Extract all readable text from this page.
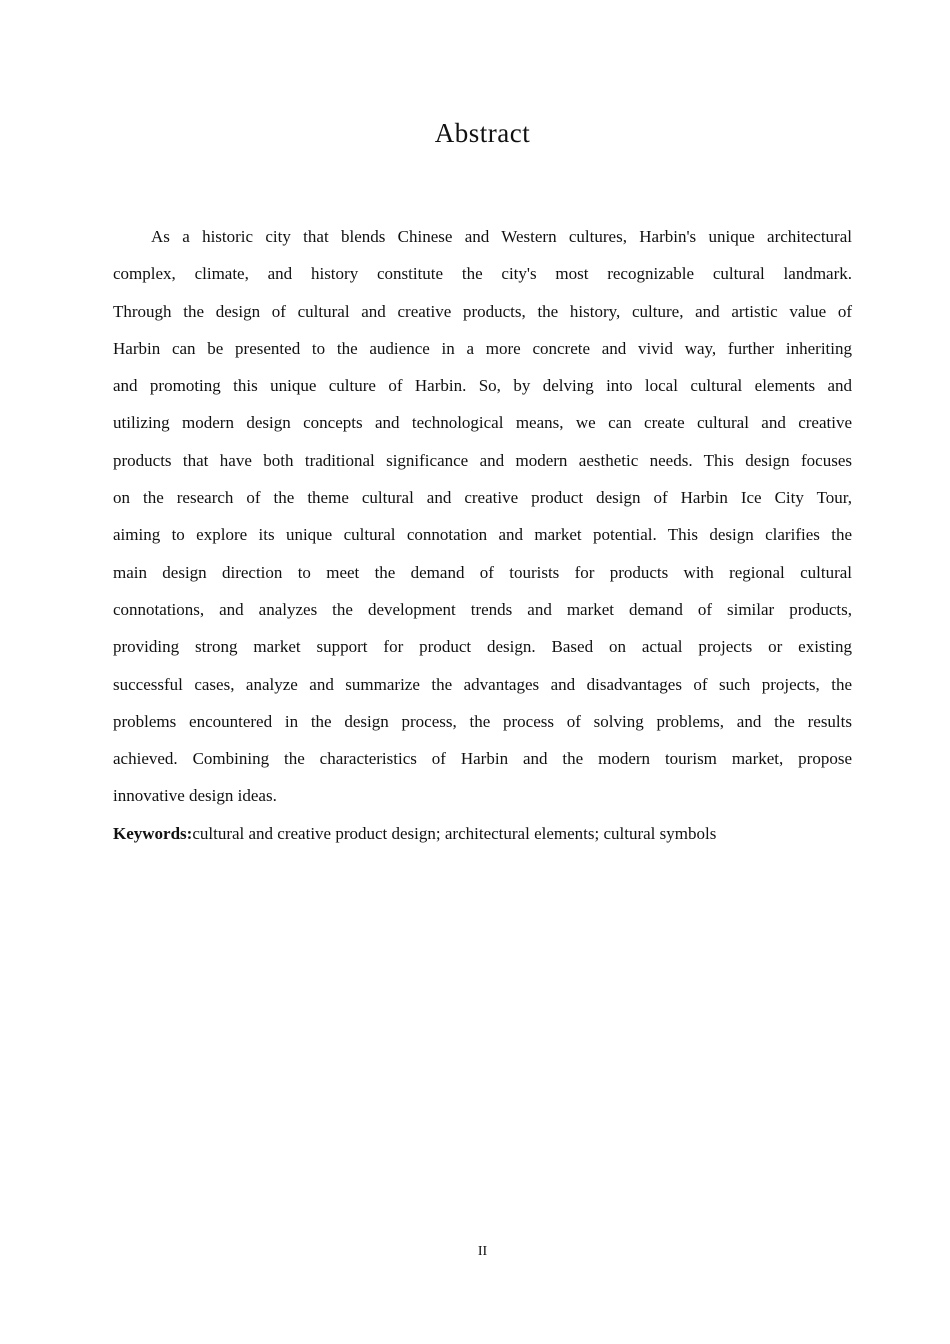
Abstract
As a historic city that blends Chinese and Western cultures, Harbin's unique architectural
complex, climate, and history constitute the city's most recognizable cultural landmark.
Through the design of cultural and creative products, the history, culture, and artistic value of
Harbin can be presented to the audience in a more concrete and vivid way, further inheriting
and promoting this unique culture of Harbin. So, by delving into local cultural elements and
utilizing modern design concepts and technological means, we can create cultural and creative
products that have both traditional significance and modern aesthetic needs. This design focuses
on the research of the theme cultural and creative product design of Harbin Ice City Tour,
aiming to explore its unique cultural connotation and market potential. This design clarifies the
main design direction to meet the demand of tourists for products with regional cultural
connotations, and analyzes the development trends and market demand of similar products,
providing strong market support for product design. Based on actual projects or existing
successful cases, analyze and summarize the advantages and disadvantages of such projects, the
problems encountered in the design process, the process of solving problems, and the results
achieved. Combining the characteristics of Harbin and the modern tourism market, propose
innovative design ideas.
Keywords:cultural and creative product design; architectural elements; cultural symbols
II
